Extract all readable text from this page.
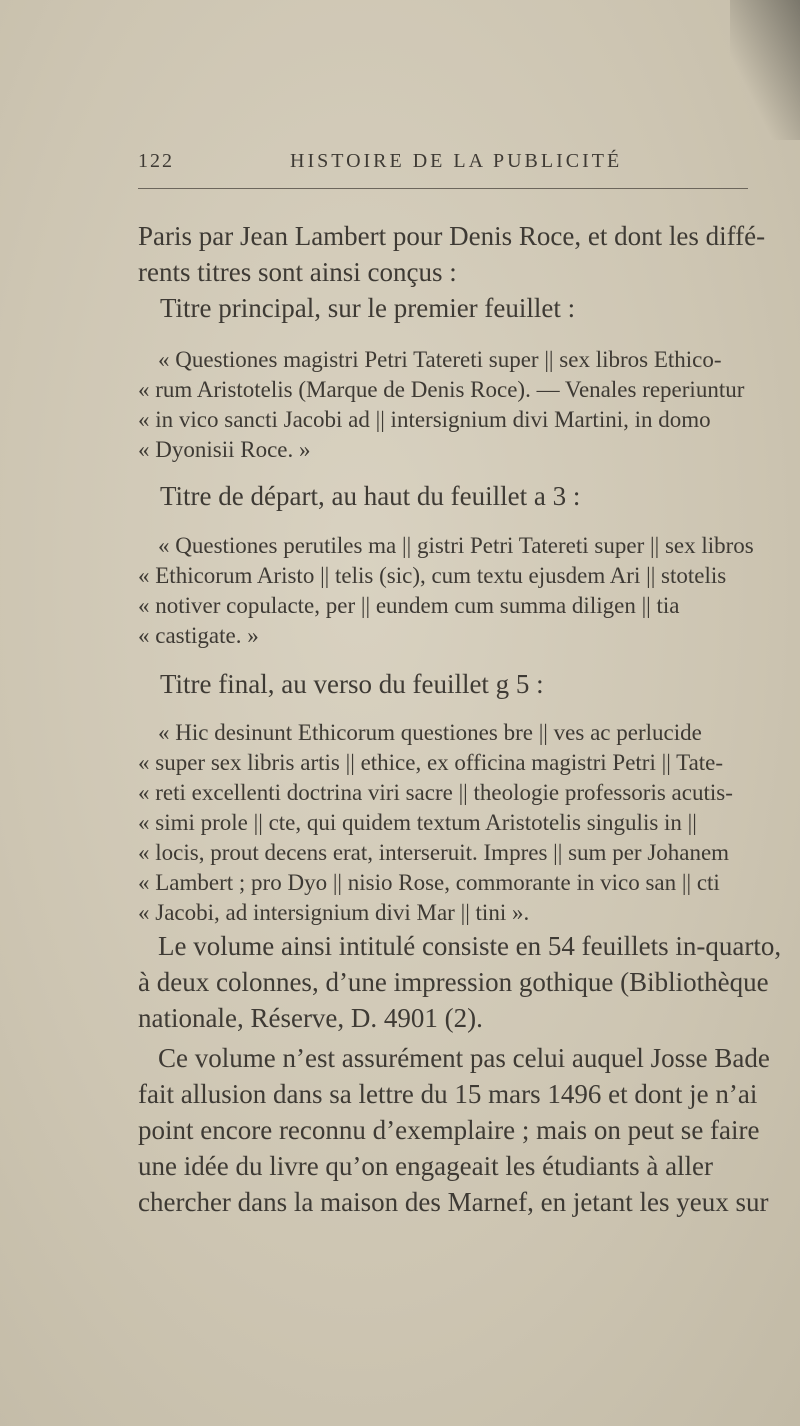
122	HISTOIRE DE LA PUBLICITÉ
Paris par Jean Lambert pour Denis Roce, et dont les diffé-
rents titres sont ainsi conçus :
Titre principal, sur le premier feuillet :
« Questiones magistri Petri Tatereti super || sex libros Ethico-
« rum Aristotelis (Marque de Denis Roce). — Venales reperiuntur
« in vico sancti Jacobi ad || intersignium divi Martini, in domo
« Dyonisii Roce. »
Titre de départ, au haut du feuillet a 3 :
« Questiones perutiles ma || gistri Petri Tatereti super || sex libros
« Ethicorum Aristo || telis (sic), cum textu ejusdem Ari || stotelis
« notiver copulacte, per || eundem cum summa diligen || tia
« castigate. »
Titre final, au verso du feuillet g 5 :
« Hic desinunt Ethicorum questiones bre || ves ac perlucide
« super sex libris artis || ethice, ex officina magistri Petri || Tate-
« reti excellenti doctrina viri sacre || theologie professoris acutis-
« simi prole || cte, qui quidem textum Aristotelis singulis in ||
« locis, prout decens erat, interseruit. Impres || sum per Johanem
« Lambert ; pro Dyo || nisio Rose, commorante in vico san || cti
« Jacobi, ad intersignium divi Mar || tini ».
Le volume ainsi intitulé consiste en 54 feuillets in-quarto,
à deux colonnes, d’une impression gothique (Bibliothèque
nationale, Réserve, D. 4901 (2).
Ce volume n’est assurément pas celui auquel Josse Bade
fait allusion dans sa lettre du 15 mars 1496 et dont je n’ai
point encore reconnu d’exemplaire ; mais on peut se faire
une idée du livre qu’on engageait les étudiants à aller
chercher dans la maison des Marnef, en jetant les yeux sur
